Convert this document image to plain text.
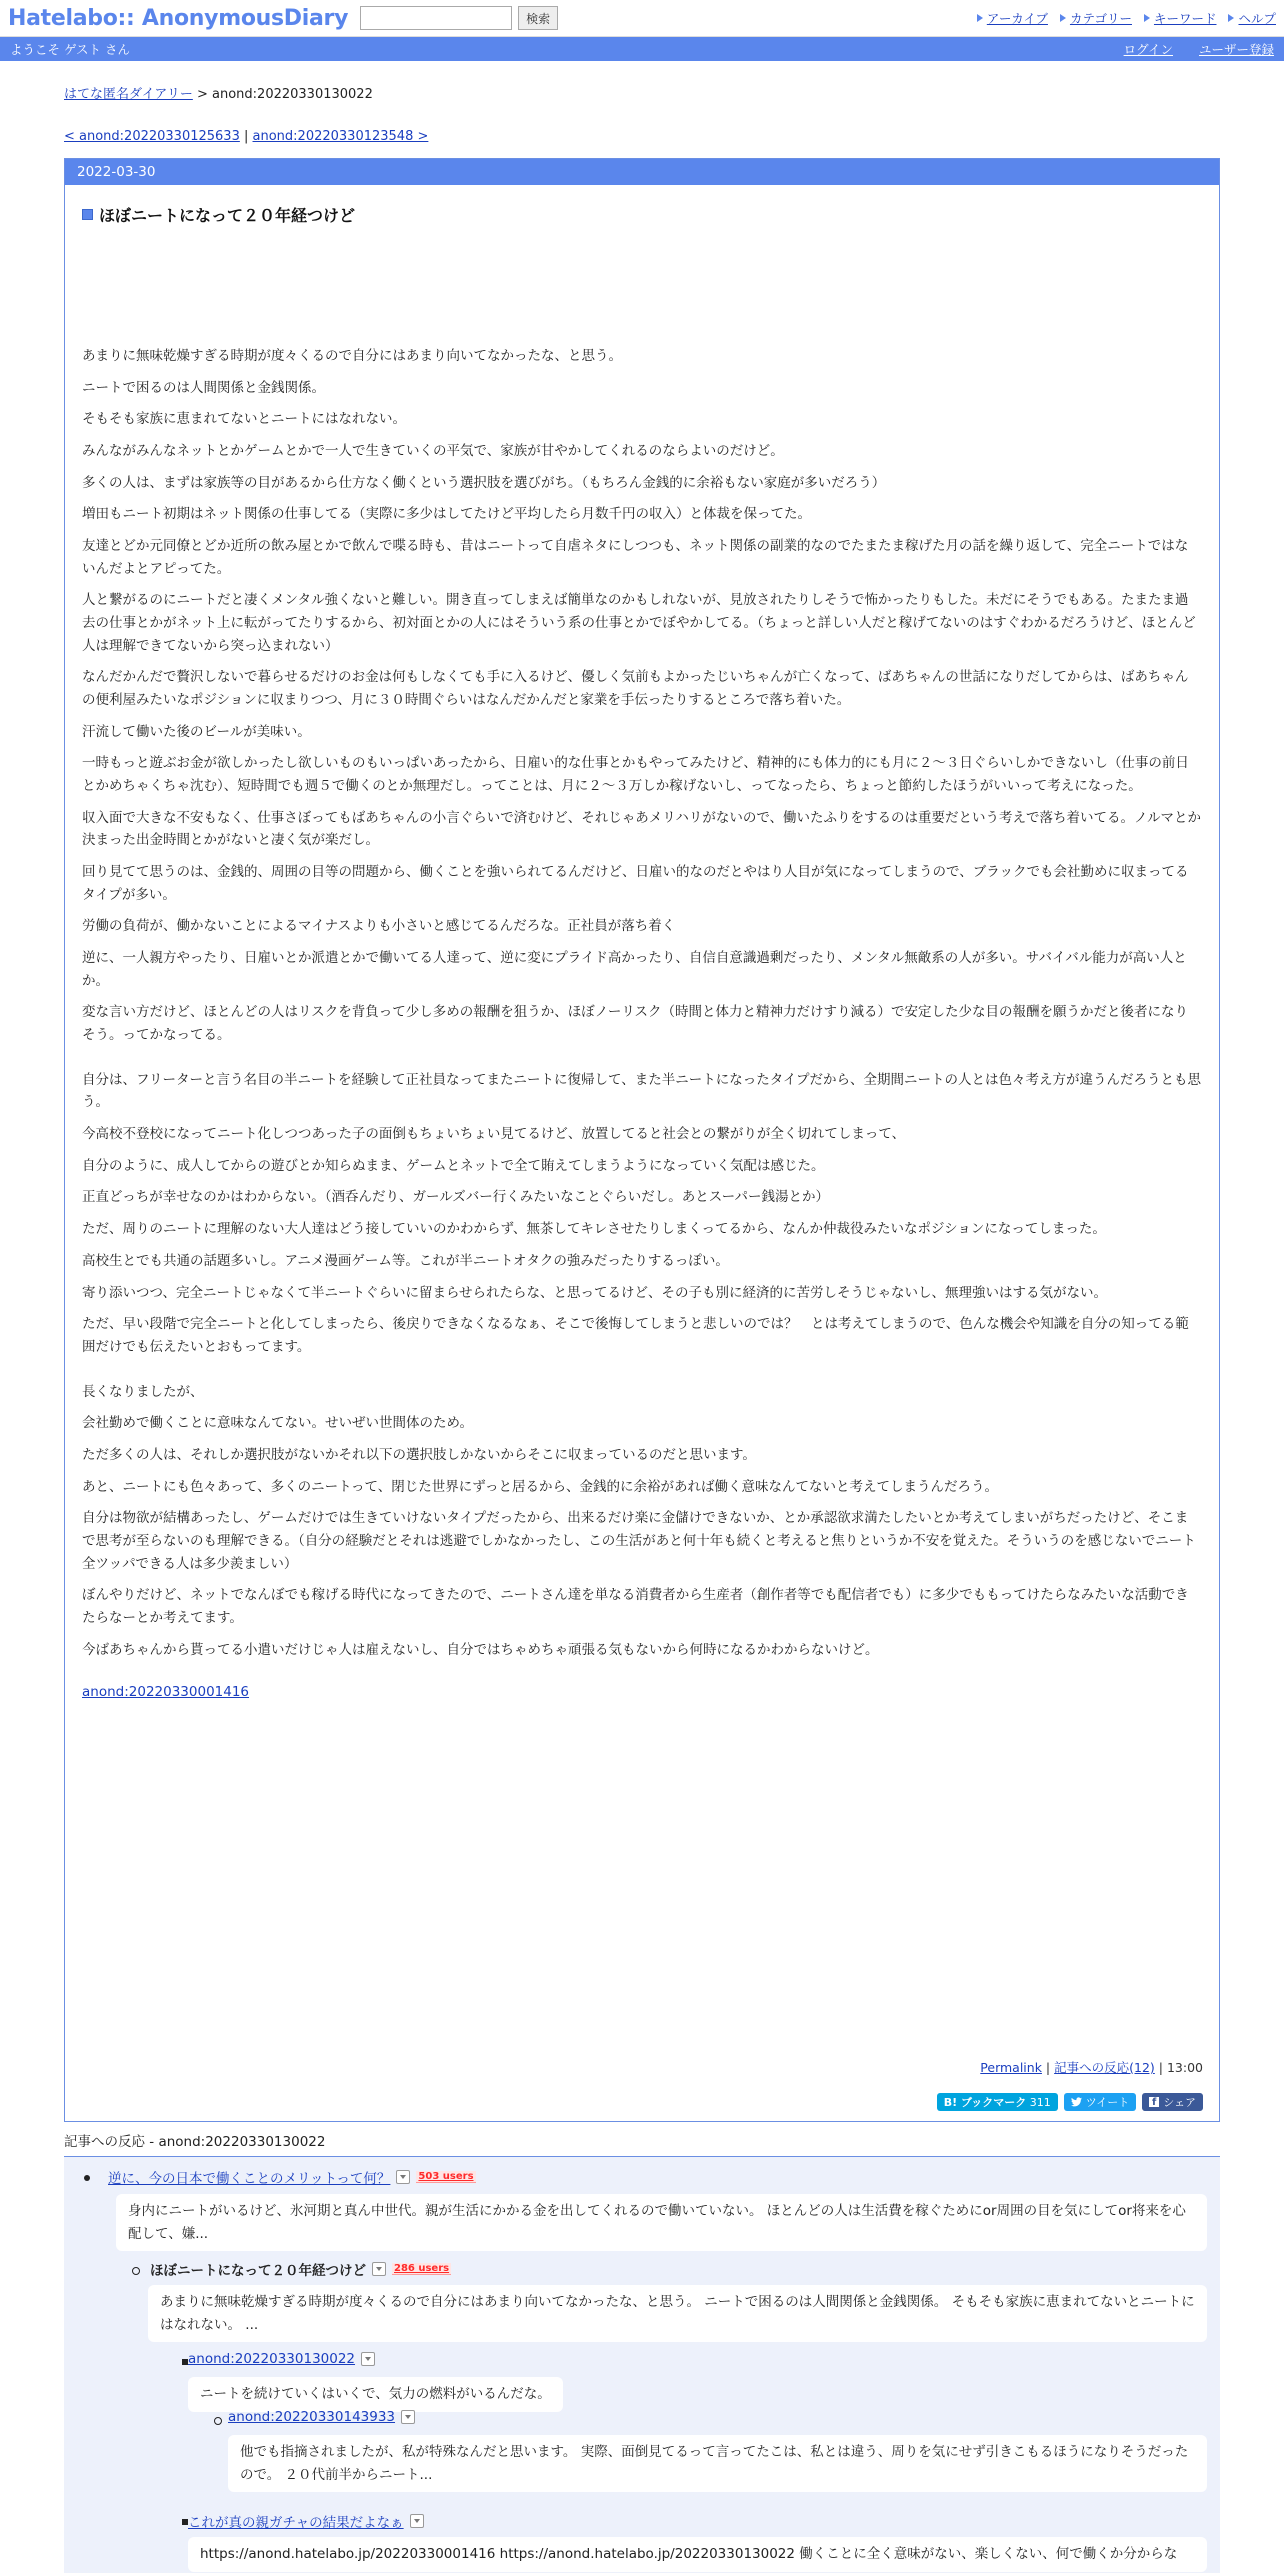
Hatelabo:: AnonymousDiary	検索	アーカイブ カテゴリー キーワード ヘルプ
ようこそ ゲスト さん	ログイン ユーザー登録
はてな匿名ダイアリー > anond:20220330130022
< anond:20220330125633 | anond:20220330123548 >
2022-03-30
ほぼニートになって２０年経つけど

あまりに無味乾燥すぎる時期が度々くるので自分にはあまり向いてなかったな、と思う。

ニートで困るのは人間関係と金銭関係。

そもそも家族に恵まれてないとニートにはなれない。

みんながみんなネットとかゲームとかで一人で生きていくの平気で、家族が甘やかしてくれるのならよいのだけど。

多くの人は、まずは家族等の目があるから仕方なく働くという選択肢を選びがち。（もちろん金銭的に余裕もない家庭が多いだろう）

増田もニート初期はネット関係の仕事してる（実際に多少はしてたけど平均したら月数千円の収入）と体裁を保ってた。

友達とどか元同僚とどか近所の飲み屋とかで飲んで喋る時も、昔はニートって自虐ネタにしつつも、ネット関係の副業的なのでたまたま稼げた月の話を繰り返して、完全ニートではないんだよとアピってた。

人と繋がるのにニートだと凄くメンタル強くないと難しい。開き直ってしまえば簡単なのかもしれないが、見放されたりしそうで怖かったりもした。未だにそうでもある。たまたま過去の仕事とかがネット上に転がってたりするから、初対面とかの人にはそういう系の仕事とかでぼやかしてる。（ちょっと詳しい人だと稼げてないのはすぐわかるだろうけど、ほとんど人は理解できてないから突っ込まれない）

なんだかんだで贅沢しないで暮らせるだけのお金は何もしなくても手に入るけど、優しく気前もよかったじいちゃんが亡くなって、ばあちゃんの世話になりだしてからは、ばあちゃんの便利屋みたいなポジションに収まりつつ、月に３０時間ぐらいはなんだかんだと家業を手伝ったりするところで落ち着いた。

汗流して働いた後のビールが美味い。

一時もっと遊ぶお金が欲しかったし欲しいものもいっぱいあったから、日雇い的な仕事とかもやってみたけど、精神的にも体力的にも月に２～３日ぐらいしかできないし（仕事の前日とかめちゃくちゃ沈む）、短時間でも週５で働くのとか無理だし。ってことは、月に２～３万しか稼げないし、ってなったら、ちょっと節約したほうがいいって考えになった。

収入面で大きな不安もなく、仕事さぼってもばあちゃんの小言ぐらいで済むけど、それじゃあメリハリがないので、働いたふりをするのは重要だという考えで落ち着いてる。ノルマとか決まった出金時間とかがないと凄く気が楽だし。

回り見てて思うのは、金銭的、周囲の目等の問題から、働くことを強いられてるんだけど、日雇い的なのだとやはり人目が気になってしまうので、ブラックでも会社勤めに収まってるタイプが多い。

労働の負荷が、働かないことによるマイナスよりも小さいと感じてるんだろな。正社員が落ち着く

逆に、一人親方やったり、日雇いとか派遣とかで働いてる人達って、逆に変にプライド高かったり、自信自意識過剰だったり、メンタル無敵系の人が多い。サバイバル能力が高い人とか。

変な言い方だけど、ほとんどの人はリスクを背負って少し多めの報酬を狙うか、ほぼノーリスク（時間と体力と精神力だけすり減る）で安定した少な目の報酬を願うかだと後者になりそう。ってかなってる。

自分は、フリーターと言う名目の半ニートを経験して正社員なってまたニートに復帰して、また半ニートになったタイプだから、全期間ニートの人とは色々考え方が違うんだろうとも思う。

今高校不登校になってニート化しつつあった子の面倒もちょいちょい見てるけど、放置してると社会との繋がりが全く切れてしまって、

自分のように、成人してからの遊びとか知らぬまま、ゲームとネットで全て賄えてしまうようになっていく気配は感じた。

正直どっちが幸せなのかはわからない。（酒呑んだり、ガールズバー行くみたいなことぐらいだし。あとスーパー銭湯とか）

ただ、周りのニートに理解のない大人達はどう接していいのかわからず、無茶してキレさせたりしまくってるから、なんか仲裁役みたいなポジションになってしまった。

高校生とでも共通の話題多いし。アニメ漫画ゲーム等。これが半ニートオタクの強みだったりするっぽい。

寄り添いつつ、完全ニートじゃなくて半ニートぐらいに留まらせられたらな、と思ってるけど、その子も別に経済的に苦労しそうじゃないし、無理強いはする気がない。

ただ、早い段階で完全ニートと化してしまったら、後戻りできなくなるなぁ、そこで後悔してしまうと悲しいのでは？　とは考えてしまうので、色んな機会や知識を自分の知ってる範囲だけでも伝えたいとおもってます。

長くなりましたが、

会社勤めで働くことに意味なんてない。せいぜい世間体のため。

ただ多くの人は、それしか選択肢がないかそれ以下の選択肢しかないからそこに収まっているのだと思います。

あと、ニートにも色々あって、多くのニートって、閉じた世界にずっと居るから、金銭的に余裕があれば働く意味なんてないと考えてしまうんだろう。

自分は物欲が結構あったし、ゲームだけでは生きていけないタイプだったから、出来るだけ楽に金儲けできないか、とか承認欲求満たしたいとか考えてしまいがちだったけど、そこまで思考が至らないのも理解できる。（自分の経験だとそれは逃避でしかなかったし、この生活があと何十年も続くと考えると焦りというか不安を覚えた。そういうのを感じないでニート全ツッパできる人は多少羨ましい）

ぼんやりだけど、ネットでなんぼでも稼げる時代になってきたので、ニートさん達を単なる消費者から生産者（創作者等でも配信者でも）に多少でももってけたらなみたいな活動できたらなーとか考えてます。

今ばあちゃんから貰ってる小遣いだけじゃ人は雇えないし、自分ではちゃめちゃ頑張る気もないから何時になるかわからないけど。

anond:20220330001416
Permalink | 記事への反応(12) | 13:00
B! ブックマーク
311	ツイート f シェア
記事への反応 - anond:20220330130022
逆に、今の日本で働くことのメリットって何？	503 users
身内にニートがいるけど、氷河期と真ん中世代。親が生活にかかる金を出してくれるので働いていない。 ほとんどの人は生活費を稼ぐためにor周囲の目を気にしてor将来を心配して、嫌...
ほぼニートになって２０年経つけど	286 users
あまりに無味乾燥すぎる時期が度々くるので自分にはあまり向いてなかったな、と思う。 ニートで困るのは人間関係と金銭関係。 そもそも家族に恵まれてないとニートにはなれない。 ...
anond:20220330130022
ニートを続けていくはいくで、気力の燃料がいるんだな。
anond:20220330143933
他でも指摘されましたが、私が特殊なんだと思います。 実際、面倒見てるって言ってたこは、私とは違う、周りを気にせず引きこもるほうになりそうだったので。 ２０代前半からニート...
これが真の親ガチャの結果だよなぁ
https://anond.hatelabo.jp/20220330001416 https://anond.hatelabo.jp/20220330130022 働くことに全く意味がない、楽しくない、何で働くか分からな
